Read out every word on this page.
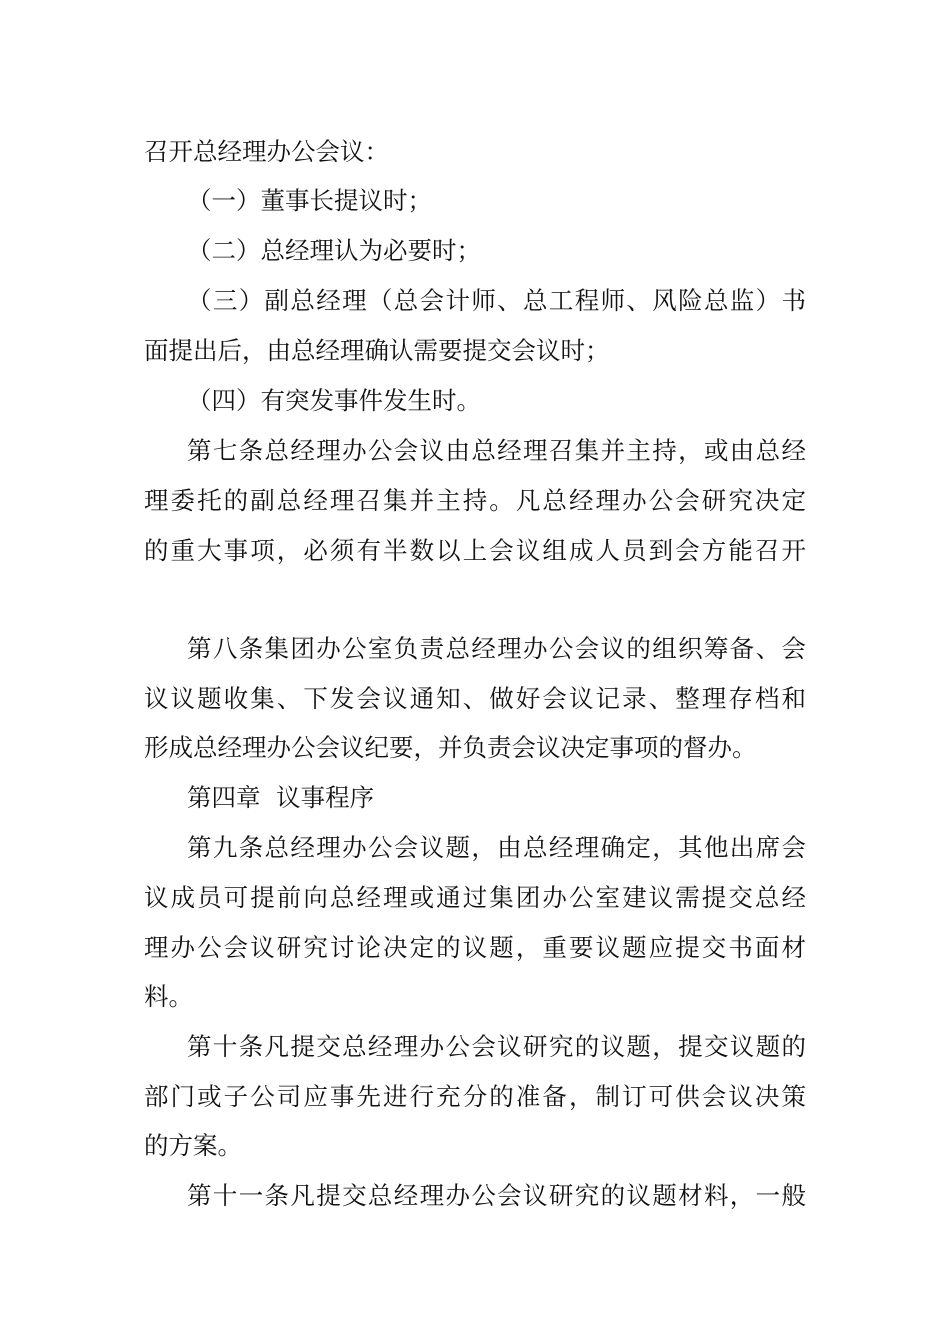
召开总经理办公会议：
（一）董事长提议时；
（二）总经理认为必要时；
（三）副总经理（总会计师、总工程师、风险总监）书
面提出后，由总经理确认需要提交会议时；
（四）有突发事件发生时。
第七条总经理办公会议由总经理召集并主持，或由总经
理委托的副总经理召集并主持。凡总经理办公会研究决定
的重大事项，必须有半数以上会议组成人员到会方能召开
第八条集团办公室负责总经理办公会议的组织筹备、会
议议题收集、下发会议通知、做好会议记录、整理存档和
形成总经理办公会议纪要，并负责会议决定事项的督办。
第四章  议事程序
第九条总经理办公会议题，由总经理确定，其他出席会
议成员可提前向总经理或通过集团办公室建议需提交总经
理办公会议研究讨论决定的议题，重要议题应提交书面材
料。
第十条凡提交总经理办公会议研究的议题，提交议题的
部门或子公司应事先进行充分的准备，制订可供会议决策
的方案。
第十一条凡提交总经理办公会议研究的议题材料，一般
